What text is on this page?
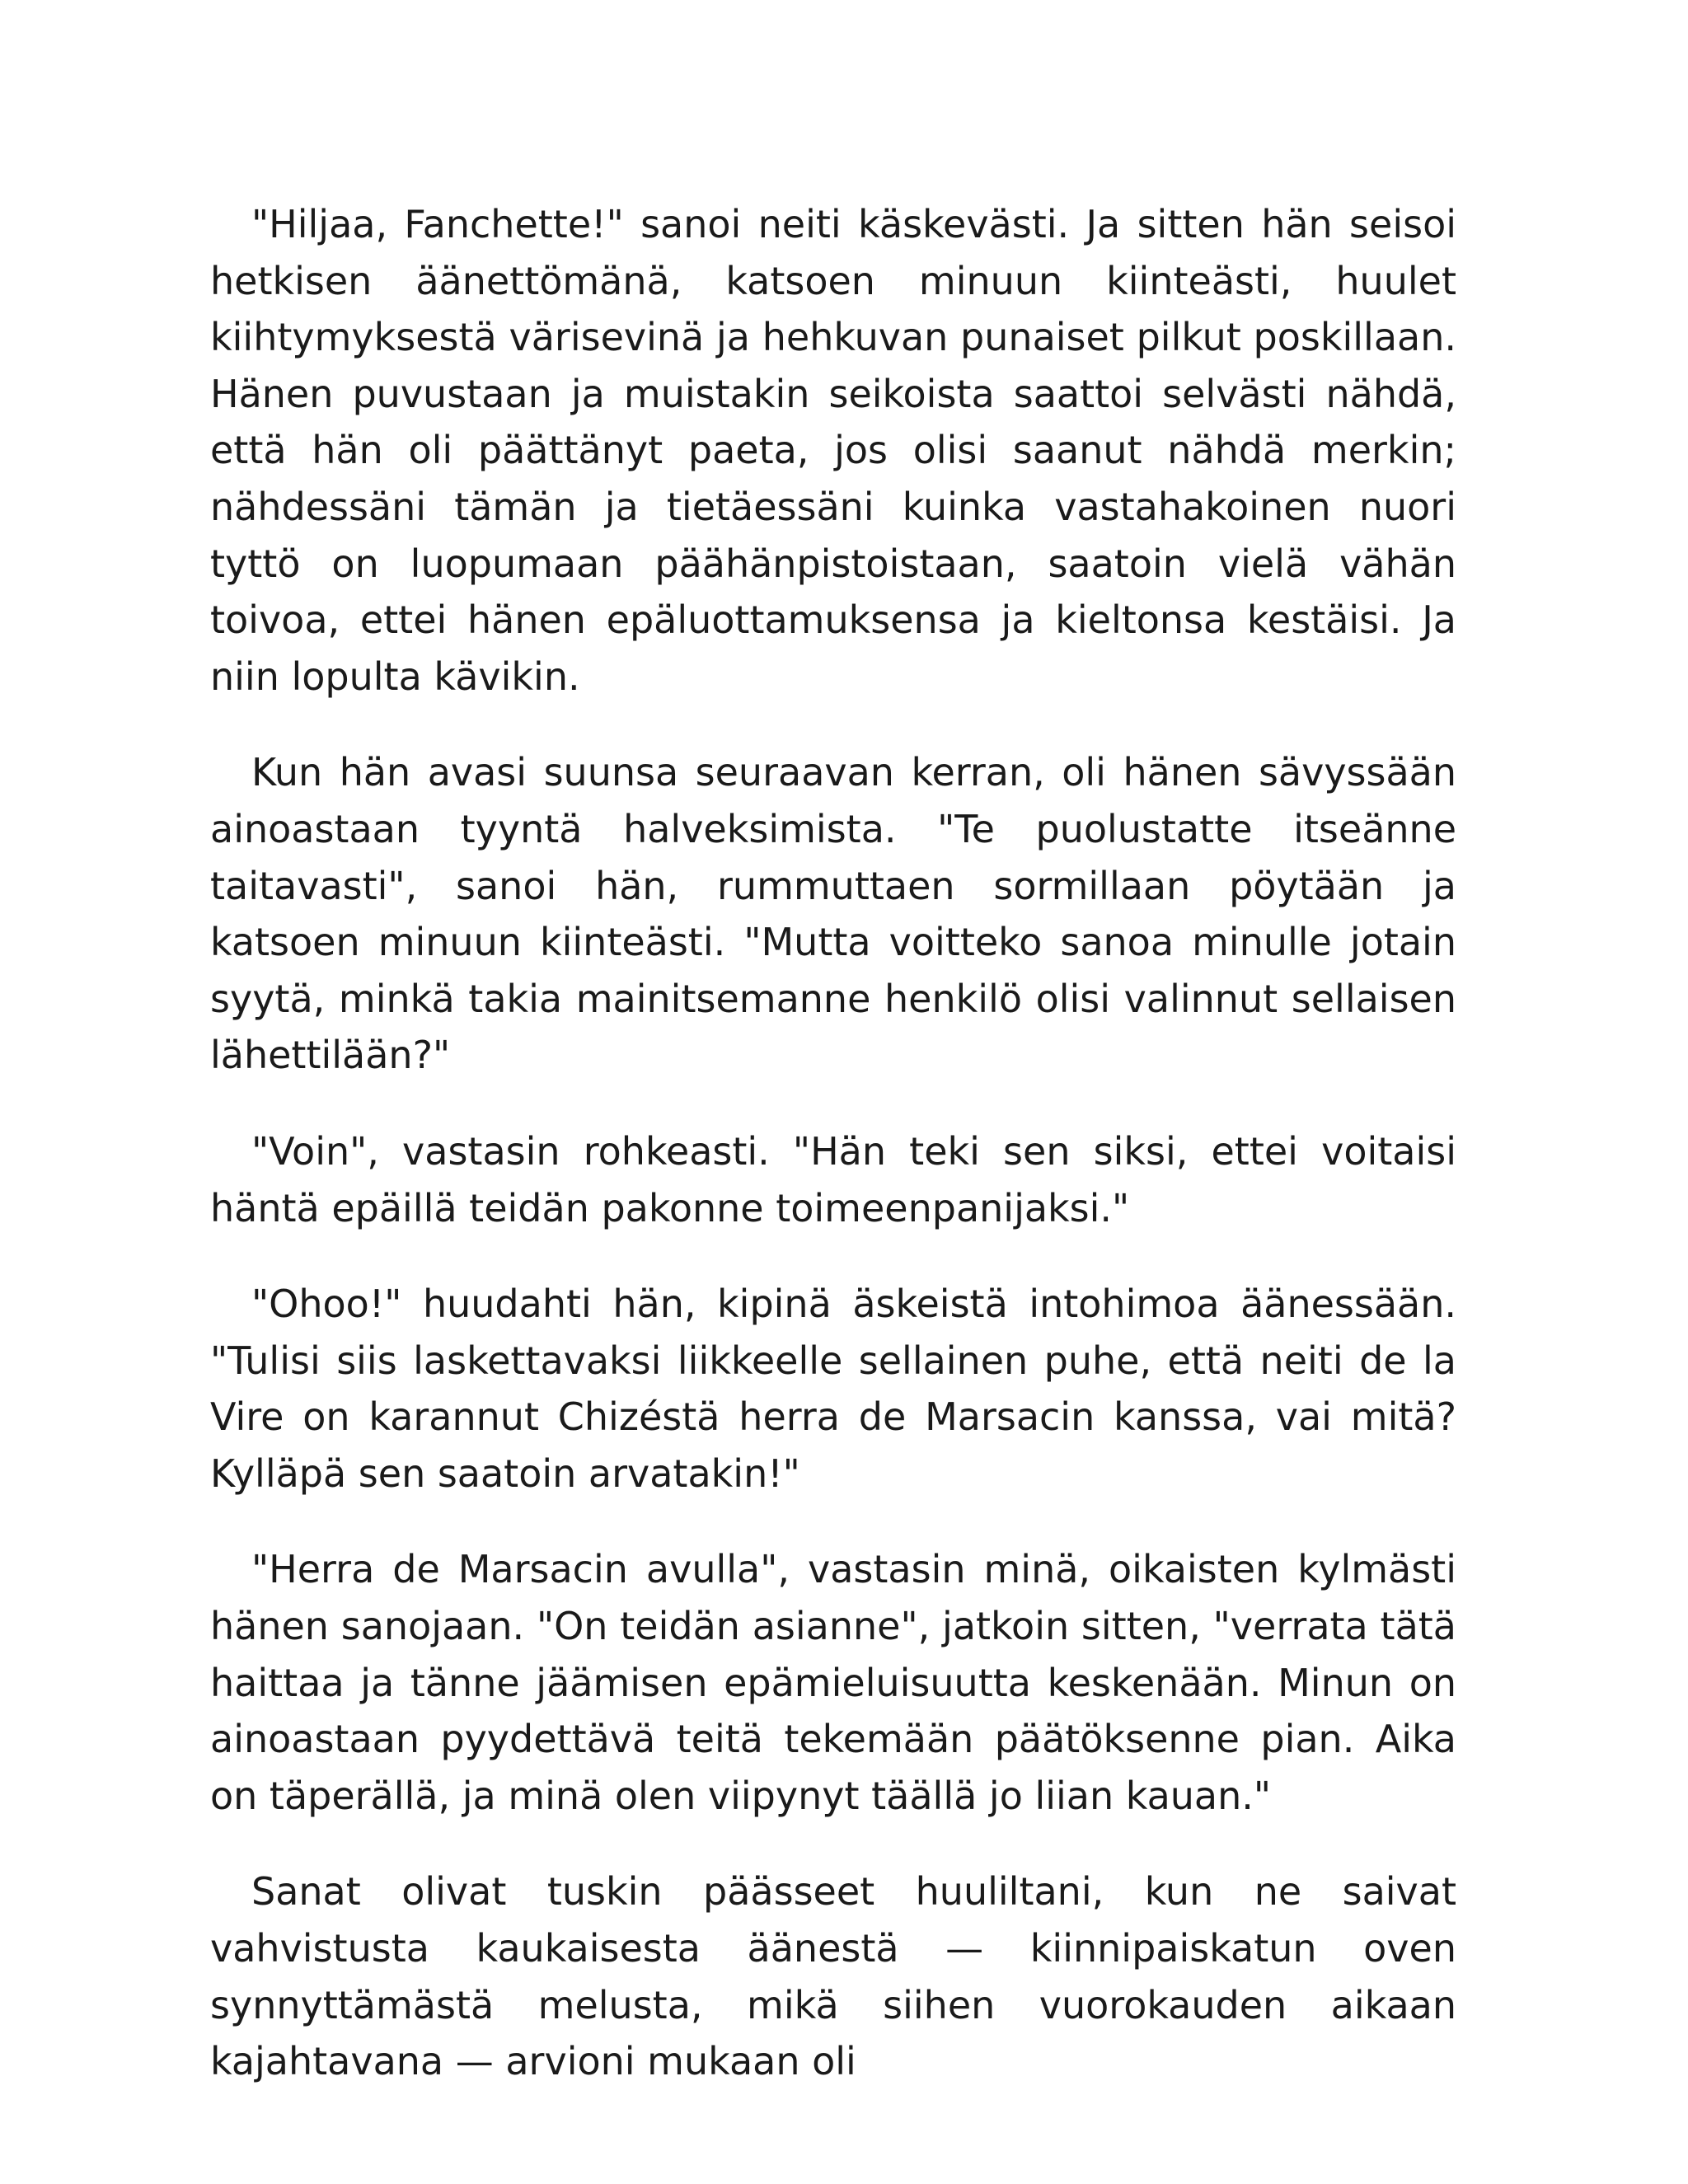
"Hiljaa, Fanchette!" sanoi neiti käskevästi. Ja sitten hän seisoi hetkisen äänettömänä, katsoen minuun kiinteästi, huulet kiihtymyksestä värisevinä ja hehkuvan punaiset pilkut poskillaan. Hänen puvustaan ja muistakin seikoista saattoi selvästi nähdä, että hän oli päättänyt paeta, jos olisi saanut nähdä merkin; nähdessäni tämän ja tietäessäni kuinka vastahakoinen nuori tyttö on luopumaan päähänpistoistaan, saatoin vielä vähän toivoa, ettei hänen epäluottamuksensa ja kieltonsa kestäisi. Ja niin lopulta kävikin.

Kun hän avasi suunsa seuraavan kerran, oli hänen sävyssään ainoastaan tyyntä halveksimista. "Te puolustatte itseänne taitavasti", sanoi hän, rummuttaen sormillaan pöytään ja katsoen minuun kiinteästi. "Mutta voitteko sanoa minulle jotain syytä, minkä takia mainitsemanne henkilö olisi valinnut sellaisen lähettilään?"

"Voin", vastasin rohkeasti. "Hän teki sen siksi, ettei voitaisi häntä epäillä teidän pakonne toimeenpanijaksi."

"Ohoo!" huudahti hän, kipinä äskeistä intohimoa äänessään. "Tulisi siis laskettavaksi liikkeelle sellainen puhe, että neiti de la Vire on karannut Chizéstä herra de Marsacin kanssa, vai mitä? Kylläpä sen saatoin arvatakin!"

"Herra de Marsacin avulla", vastasin minä, oikaisten kylmästi hänen sanojaan. "On teidän asianne", jatkoin sitten, "verrata tätä haittaa ja tänne jäämisen epämieluisuutta keskenään. Minun on ainoastaan pyydettävä teitä tekemään päätöksenne pian. Aika on täperällä, ja minä olen viipynyt täällä jo liian kauan."

Sanat olivat tuskin päässeet huuliltani, kun ne saivat vahvistusta kaukaisesta äänestä — kiinnipaiskatun oven synnyttämästä melusta, mikä siihen vuorokauden aikaan kajahtavana — arvioni mukaan oli
